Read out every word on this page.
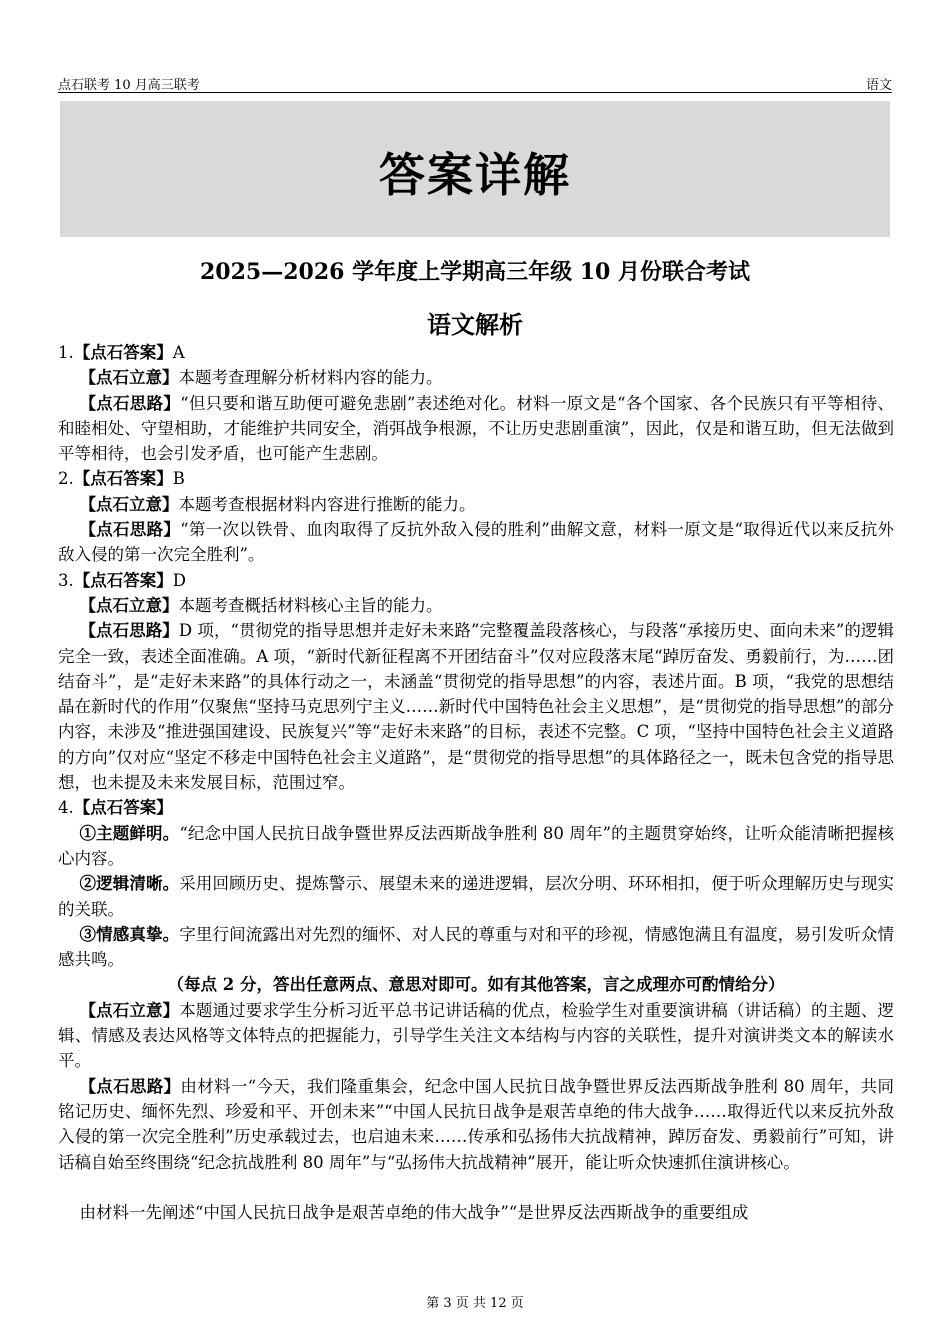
点石联考 10 月高三联考	语文
答案详解
2025—2026 学年度上学期高三年级 10 月份联合考试
语文解析

1.【点石答案】A

【点石立意】本题考查理解分析材料内容的能力。

【点石思路】“但只要和谐互助便可避免悲剧”表述绝对化。材料一原文是“各个国家、各个民族只有平等相待、和睦相处、守望相助，才能维护共同安全，消弭战争根源，不让历史悲剧重演”，因此，仅是和谐互助，但无法做到平等相待，也会引发矛盾，也可能产生悲剧。

2.【点石答案】B

【点石立意】本题考查根据材料内容进行推断的能力。

【点石思路】“第一次以铁骨、血肉取得了反抗外敌入侵的胜利”曲解文意，材料一原文是“取得近代以来反抗外敌入侵的第一次完全胜利”。

3.【点石答案】D

【点石立意】本题考查概括材料核心主旨的能力。

【点石思路】D 项，“贯彻党的指导思想并走好未来路”完整覆盖段落核心，与段落“承接历史、面向未来”的逻辑完全一致，表述全面准确。A 项，“新时代新征程离不开团结奋斗”仅对应段落末尾“踔厉奋发、勇毅前行，为……团结奋斗”，是“走好未来路”的具体行动之一，未涵盖“贯彻党的指导思想”的内容，表述片面。B 项，“我党的思想结晶在新时代的作用”仅聚焦“坚持马克思列宁主义……新时代中国特色社会主义思想”，是“贯彻党的指导思想”的部分内容，未涉及“推进强国建设、民族复兴”等“走好未来路”的目标，表述不完整。C 项，“坚持中国特色社会主义道路的方向”仅对应“坚定不移走中国特色社会主义道路”，是“贯彻党的指导思想”的具体路径之一，既未包含党的指导思想，也未提及未来发展目标，范围过窄。

4.【点石答案】

①主题鲜明。“纪念中国人民抗日战争暨世界反法西斯战争胜利 80 周年”的主题贯穿始终，让听众能清晰把握核心内容。

②逻辑清晰。采用回顾历史、提炼警示、展望未来的递进逻辑，层次分明、环环相扣，便于听众理解历史与现实的关联。

③情感真挚。字里行间流露出对先烈的缅怀、对人民的尊重与对和平的珍视，情感饱满且有温度，易引发听众情感共鸣。

（每点 2 分，答出任意两点、意思对即可。如有其他答案，言之成理亦可酌情给分）

【点石立意】本题通过要求学生分析习近平总书记讲话稿的优点，检验学生对重要演讲稿（讲话稿）的主题、逻辑、情感及表达风格等文体特点的把握能力，引导学生关注文本结构与内容的关联性，提升对演讲类文本的解读水平。

【点石思路】由材料一“今天，我们隆重集会，纪念中国人民抗日战争暨世界反法西斯战争胜利 80 周年，共同铭记历史、缅怀先烈、珍爱和平、开创未来”“中国人民抗日战争是艰苦卓绝的伟大战争……取得近代以来反抗外敌入侵的第一次完全胜利”历史承载过去，也启迪未来……传承和弘扬伟大抗战精神，踔厉奋发、勇毅前行”可知，讲话稿自始至终围绕“纪念抗战胜利 80 周年”与“弘扬伟大抗战精神”展开，能让听众快速抓住演讲核心。

由材料一先阐述“中国人民抗日战争是艰苦卓绝的伟大战争”“是世界反法西斯战争的重要组成

第 3 页 共 12 页
